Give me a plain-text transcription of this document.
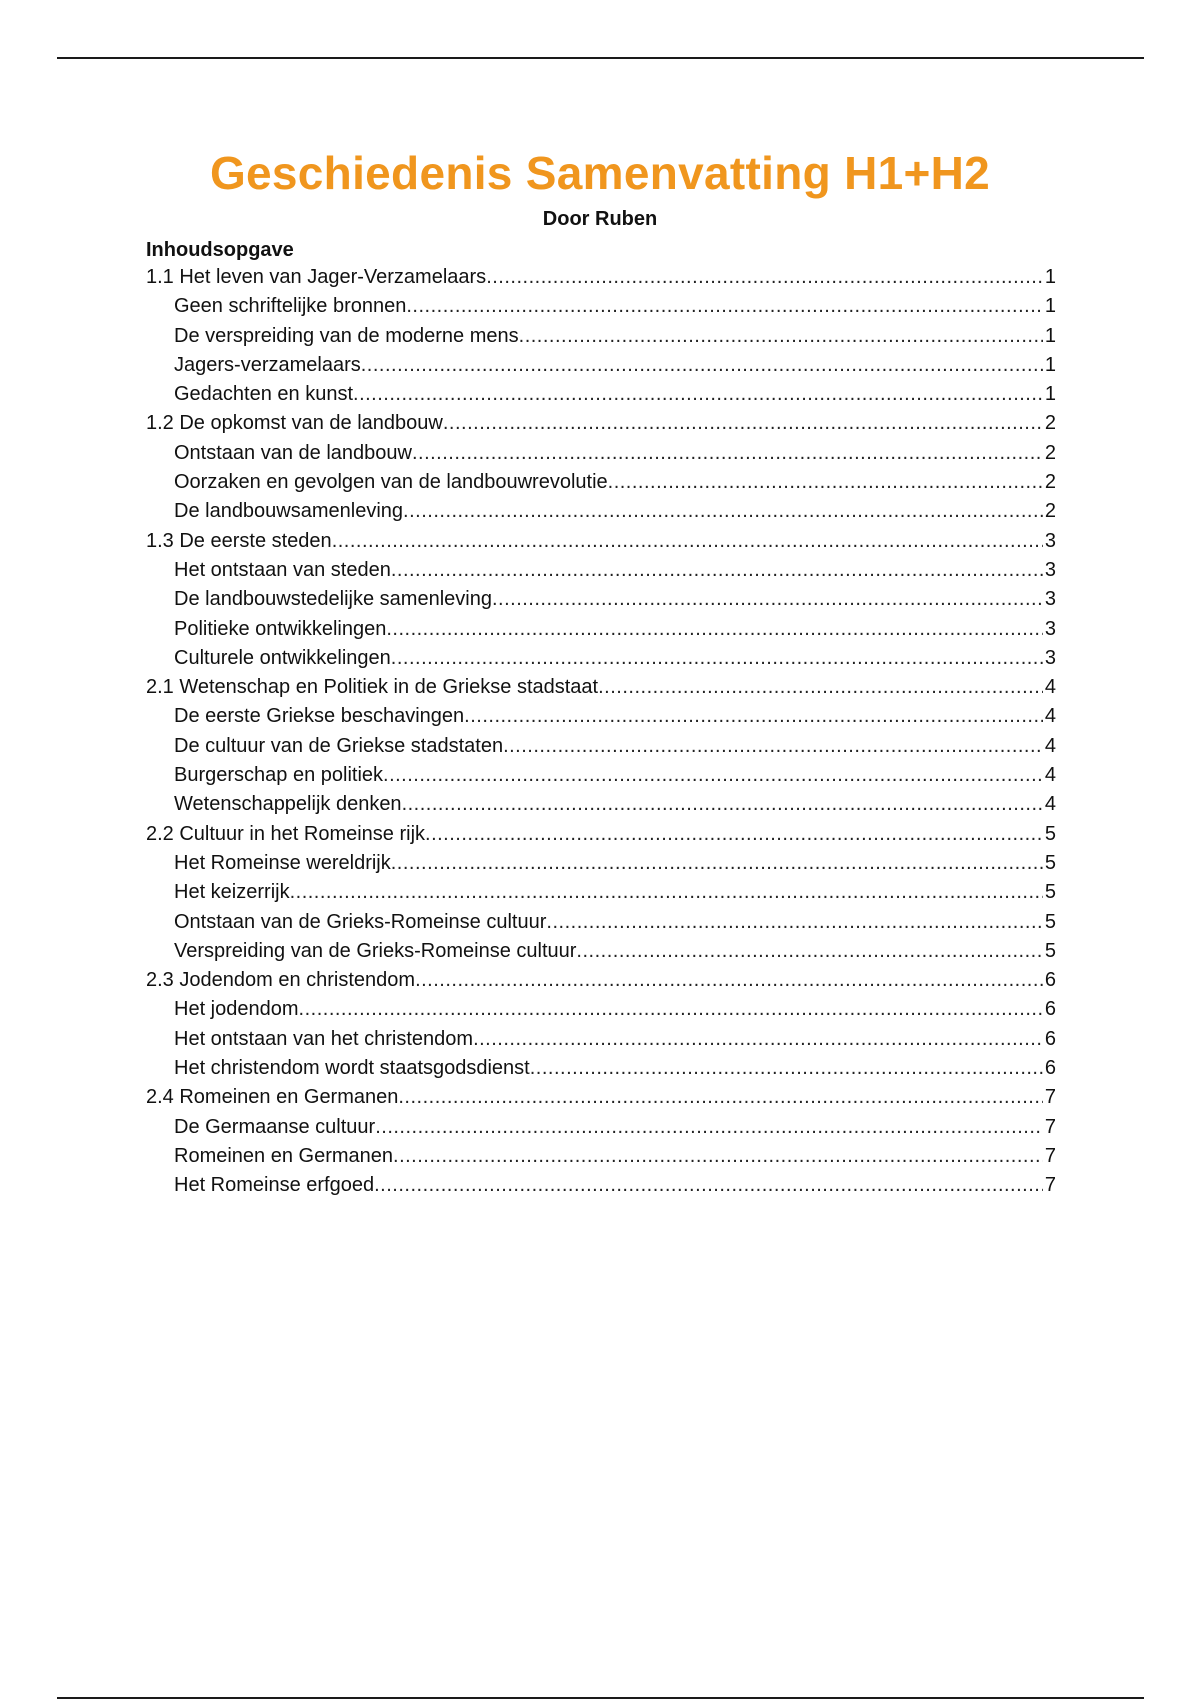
Geschiedenis Samenvatting H1+H2
Door Ruben
Inhoudsopgave
1.1 Het leven van Jager-Verzamelaars .....	1
Geen schriftelijke bronnen .....	1
De verspreiding van de moderne mens .....	1
Jagers-verzamelaars .....	1
Gedachten en kunst .....	1
1.2 De opkomst van de landbouw .....	2
Ontstaan van de landbouw .....	2
Oorzaken en gevolgen van de landbouwrevolutie .....	2
De landbouwsamenleving .....	2
1.3 De eerste steden .....	3
Het ontstaan van steden .....	3
De landbouwstedelijke samenleving .....	3
Politieke ontwikkelingen .....	3
Culturele ontwikkelingen .....	3
2.1 Wetenschap en Politiek in de Griekse stadstaat .....	4
De eerste Griekse beschavingen .....	4
De cultuur van de Griekse stadstaten .....	4
Burgerschap en politiek .....	4
Wetenschappelijk denken .....	4
2.2 Cultuur in het Romeinse rijk .....	5
Het Romeinse wereldrijk .....	5
Het keizerrijk .....	5
Ontstaan van de Grieks-Romeinse cultuur .....	5
Verspreiding van de Grieks-Romeinse cultuur .....	5
2.3 Jodendom en christendom .....	6
Het jodendom .....	6
Het ontstaan van het christendom .....	6
Het christendom wordt staatsgodsdienst .....	6
2.4 Romeinen en Germanen .....	7
De Germaanse cultuur .....	7
Romeinen en Germanen .....	7
Het Romeinse erfgoed .....	7
